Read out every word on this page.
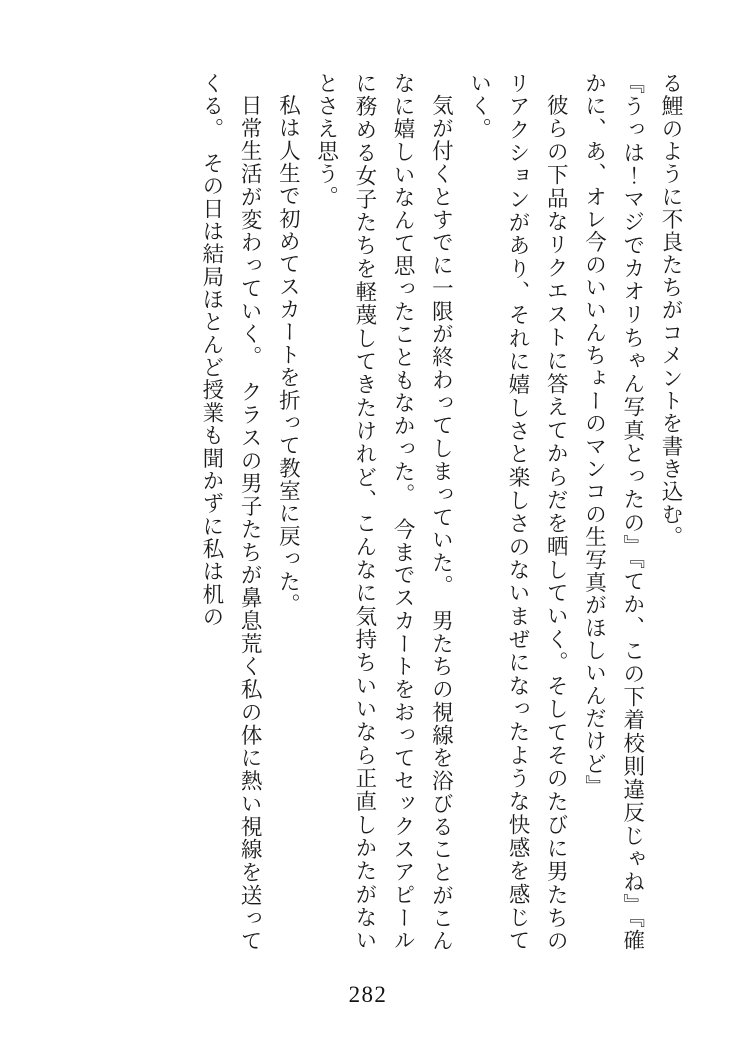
る鯉のように不良たちがコメントを書き込む。

『うっは！マジでカオリちゃん写真とったの』『てか、この下着校則違反じゃね』『確かに、あ、オレ今のいいんちょーのマンコの生写真がほしいんだけど』

彼らの下品なリクエストに答えてからだを晒していく。そしてそのたびに男たちのリアクションがあり、それに嬉しさと楽しさのないまぜになったような快感を感じていく。

気が付くとすでに一限が終わってしまっていた。　男たちの視線を浴びることがこんなに嬉しいなんて思ったこともなかった。　今までスカートをおってセックスアピールに務める女子たちを軽蔑してきたけれど、こんなに気持ちいいなら正直しかたがないとさえ思う。

私は人生で初めてスカートを折って教室に戻った。

日常生活が変わっていく。　クラスの男子たちが鼻息荒く私の体に熱い視線を送ってくる。　その日は結局ほとんど授業も聞かずに私は机の

282
